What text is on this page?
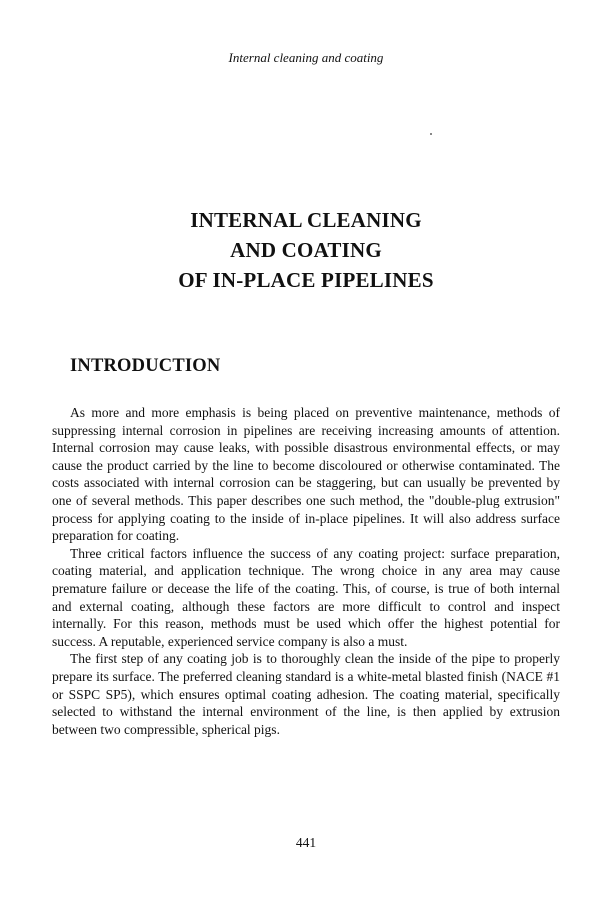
Internal cleaning and coating
INTERNAL CLEANING
AND COATING
OF IN-PLACE PIPELINES
INTRODUCTION

As more and more emphasis is being placed on preventive maintenance, methods of suppressing internal corrosion in pipelines are receiving increasing amounts of attention. Internal corrosion may cause leaks, with possible disastrous environmental effects, or may cause the product carried by the line to become discoloured or otherwise contaminated. The costs associated with internal corrosion can be staggering, but can usually be prevented by one of several methods. This paper describes one such method, the "double-plug extrusion" process for applying coating to the inside of in-place pipelines. It will also address surface preparation for coating.

Three critical factors influence the success of any coating project: surface preparation, coating material, and application technique. The wrong choice in any area may cause premature failure or decease the life of the coating. This, of course, is true of both internal and external coating, although these factors are more difficult to control and inspect internally. For this reason, methods must be used which offer the highest potential for success. A reputable, experienced service company is also a must.

The first step of any coating job is to thoroughly clean the inside of the pipe to properly prepare its surface. The preferred cleaning standard is a white-metal blasted finish (NACE #1 or SSPC SP5), which ensures optimal coating adhesion. The coating material, specifically selected to withstand the internal environment of the line, is then applied by extrusion between two compressible, spherical pigs.

441
